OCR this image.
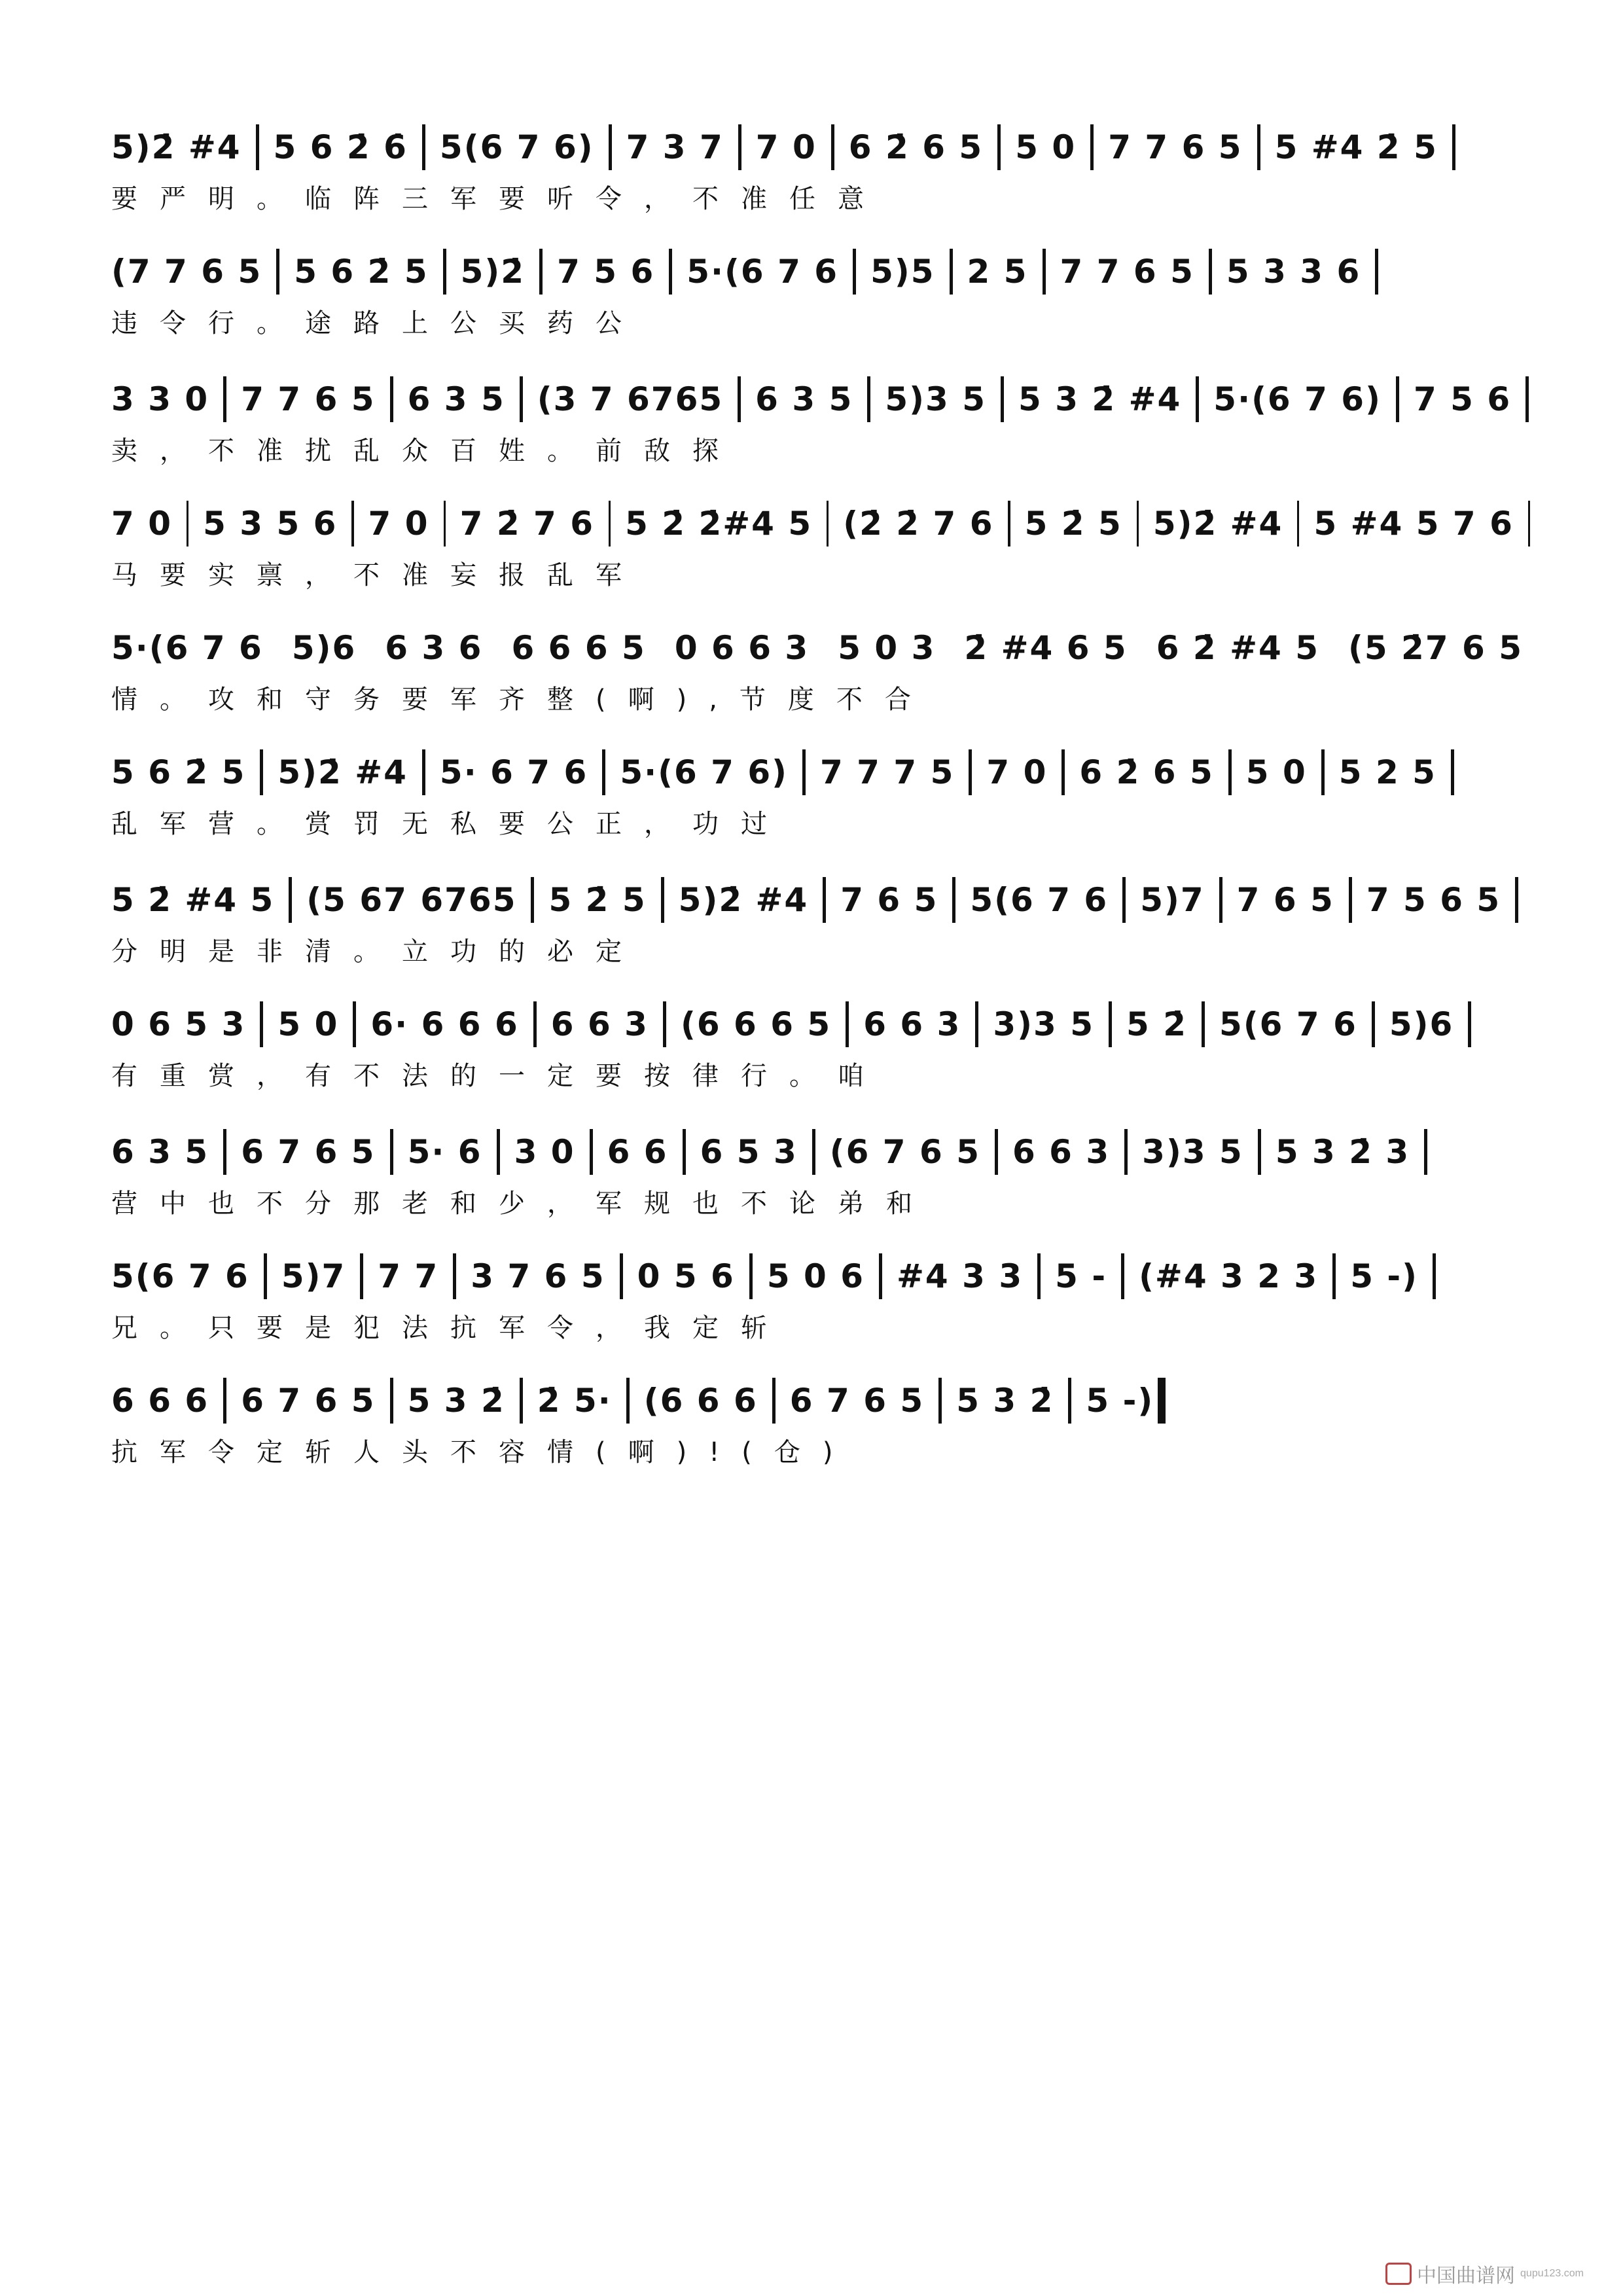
5)2̇ #4 5 6 2̇ 6̇ 5(6 7 6) 7 3 7 7 0 6 2̇ 6 5 5 0 7 7 6 5 5 #4 2̇ 5
要严明。临阵三军要听令，不准任意
(7 7 6 5 5 6 2̇ 5 5)2̇ 7 5 6 5·(6 7 6 5)5 2 5 7 7 6 5 5 3 3 6
违令行。途路上公买药公
3 3 0 7 7 6 5 6 3 5 (3 7 6765 6 3 5 5)3 5 5 3 2̇ #4 5·(6 7 6) 7 5 6
卖，不准扰乱众百姓。前敌探
7 0 5 3 5 6 7 0 7 2̇ 7 6 5 2̇ 2̇#4 5 (2̇ 2̇ 7 6 5 2̇ 5 5)2̇ #4 5 #4 5 7 6
马要实禀，不准妄报乱军
5·(6 7 6 5)6 6 3 6 6 6 6 5 0 6 6 3 5 0 3 2̇ #4 6 5 6 2̇ #4 5 (5 2̇7 6 5
情。攻和守务要军齐整(啊),节度不合
5 6 2̇ 5 5)2̇ #4 5· 6 7 6 5·(6 7 6) 7 7 7 5 7 0 6 2̇ 6 5 5 0 5 2 5
乱军营。赏罚无私要公正，功过
5 2̇ #4 5 (5 67 6765 5 2̇ 5 5)2̇ #4 7 6 5 5(6 7 6 5)7 7 6 5 7 5 6 5
分明是非清。立功的必定
0 6 5 3 5 0 6· 6 6 6 6 6 3 (6 6 6 5 6 6 3 3)3 5 5 2̇ 5(6 7 6 5)6
有重赏，有不法的一定要按律行。咱
6 3 5 6 7 6 5 5· 6 3 0 6 6 6 5 3 (6 7 6 5 6 6 3 3)3 5 5 3 2̇ 3
营中也不分那老和少，军规也不论弟和
5(6 7 6 5)7 7 7 3 7 6 5 0 5 6 5 0 6 #4 3 3 5 - (#4 3 2 3 5 -)
兄。只要是犯法抗军令，我定斩
6 6 6 6 7 6 5 5 3 2̇ 2̇ 5· (6 6 6 6 7 6 5 5 3 2̇ 5 -)
抗军令定斩人头不容情(啊)!(仓)
中国曲谱网 qupu123.com
